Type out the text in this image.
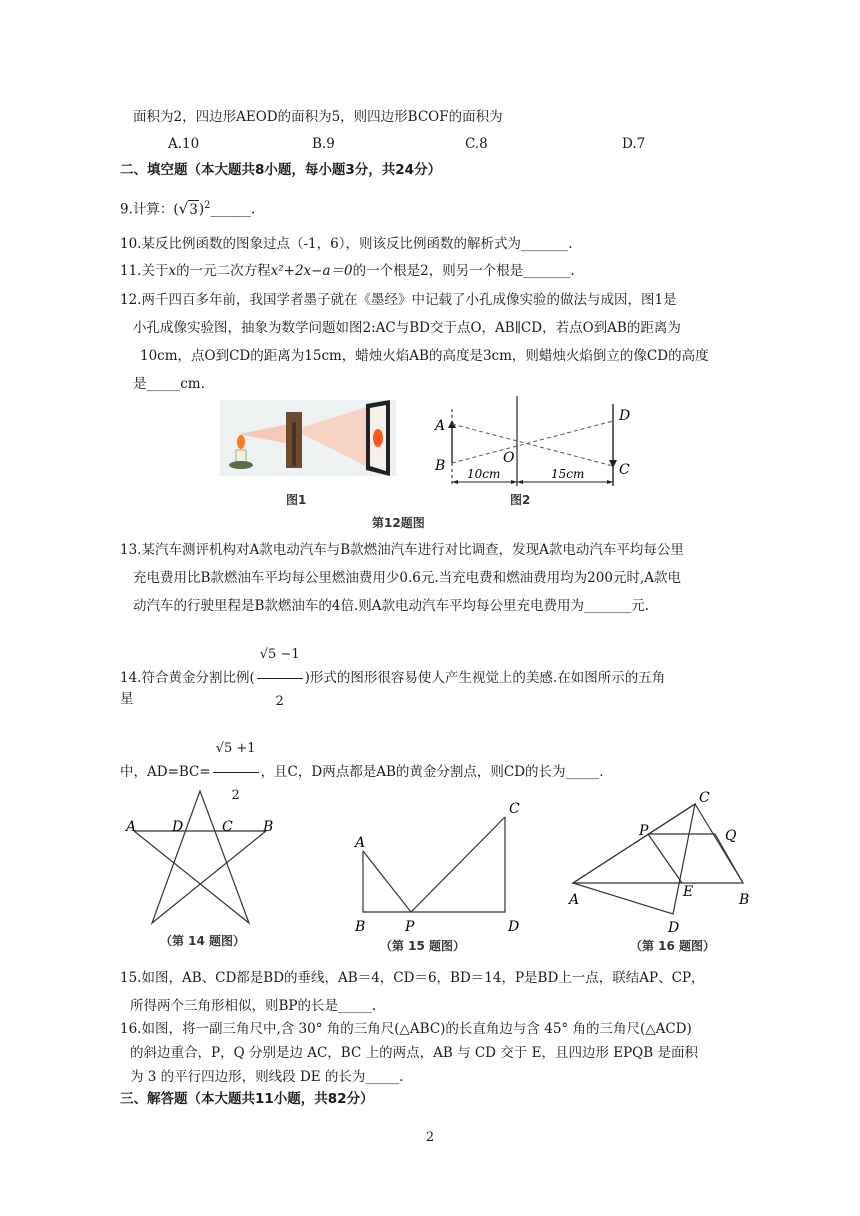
面积为2，四边形AEOD的面积为5，则四边形BCOF的面积为
A.10	B.9	C.8	D.7
二、填空题（本大题共8小题，每小题3分，共24分）
9.计算：$(√3)^2\_\_\_\_\_\_$.
10.某反比例函数的图象过点（-1，6），则该反比例函数的解析式为_______.
11.关于x的一元二次方程x²+2x−a＝0的一个根是2，则另一个根是_______.
12.两千四百多年前，我国学者墨子就在《墨经》中记载了小孔成像实验的做法与成因，图1是
小孔成像实验图，抽象为数学问题如图2:AC与BD交于点O，AB∥CD，若点O到AB的距离为
10cm，点O到CD的距离为15cm，蜡烛火焰AB的高度是3cm，则蜡烛火焰倒立的像CD的高度
是_____cm.
图1
A
B
D
C
O
10cm	15cm
图2
第12题图
13.某汽车测评机构对A款电动汽车与B款燃油汽车进行对比调查，发现A款电动汽车平均每公里
充电费用比B款燃油车平均每公里燃油费用少0.6元.当充电费和燃油费用均为200元时,A款电
动汽车的行驶里程是B款燃油车的4倍.则A款电动汽车平均每公里充电费用为_______元.
14.符合黄金分割比例( $\frac{√5 -1}{2}$ )形式的图形很容易使人产生视觉上的美感.在如图所示的五角
星
中，$AD=BC= \frac{√5 +1}{2}$ ，且C，D两点都是AB的黄金分割点，则CD的长为_____.
A	D	C B
（第 14 题图）
A
B	P
C
D
（第 15 题图）
C
P	Q
A	E	B
D
（第 16 题图）
15.如图，AB、CD都是BD的垂线，AB＝4，CD＝6，BD＝14，P是BD上一点，联结AP、CP，
所得两个三角形相似，则BP的长是_____.
16.如图，将一副三角尺中,含 30° 角的三角尺(△ABC)的长直角边与含 45° 角的三角尺(△ACD)
的斜边重合，P，Q 分别是边 AC，BC 上的两点，AB 与 CD 交于 E，且四边形 EPQB 是面积
为 3 的平行四边形，则线段 DE 的长为_____.
三、解答题（本大题共11小题，共82分）
2
